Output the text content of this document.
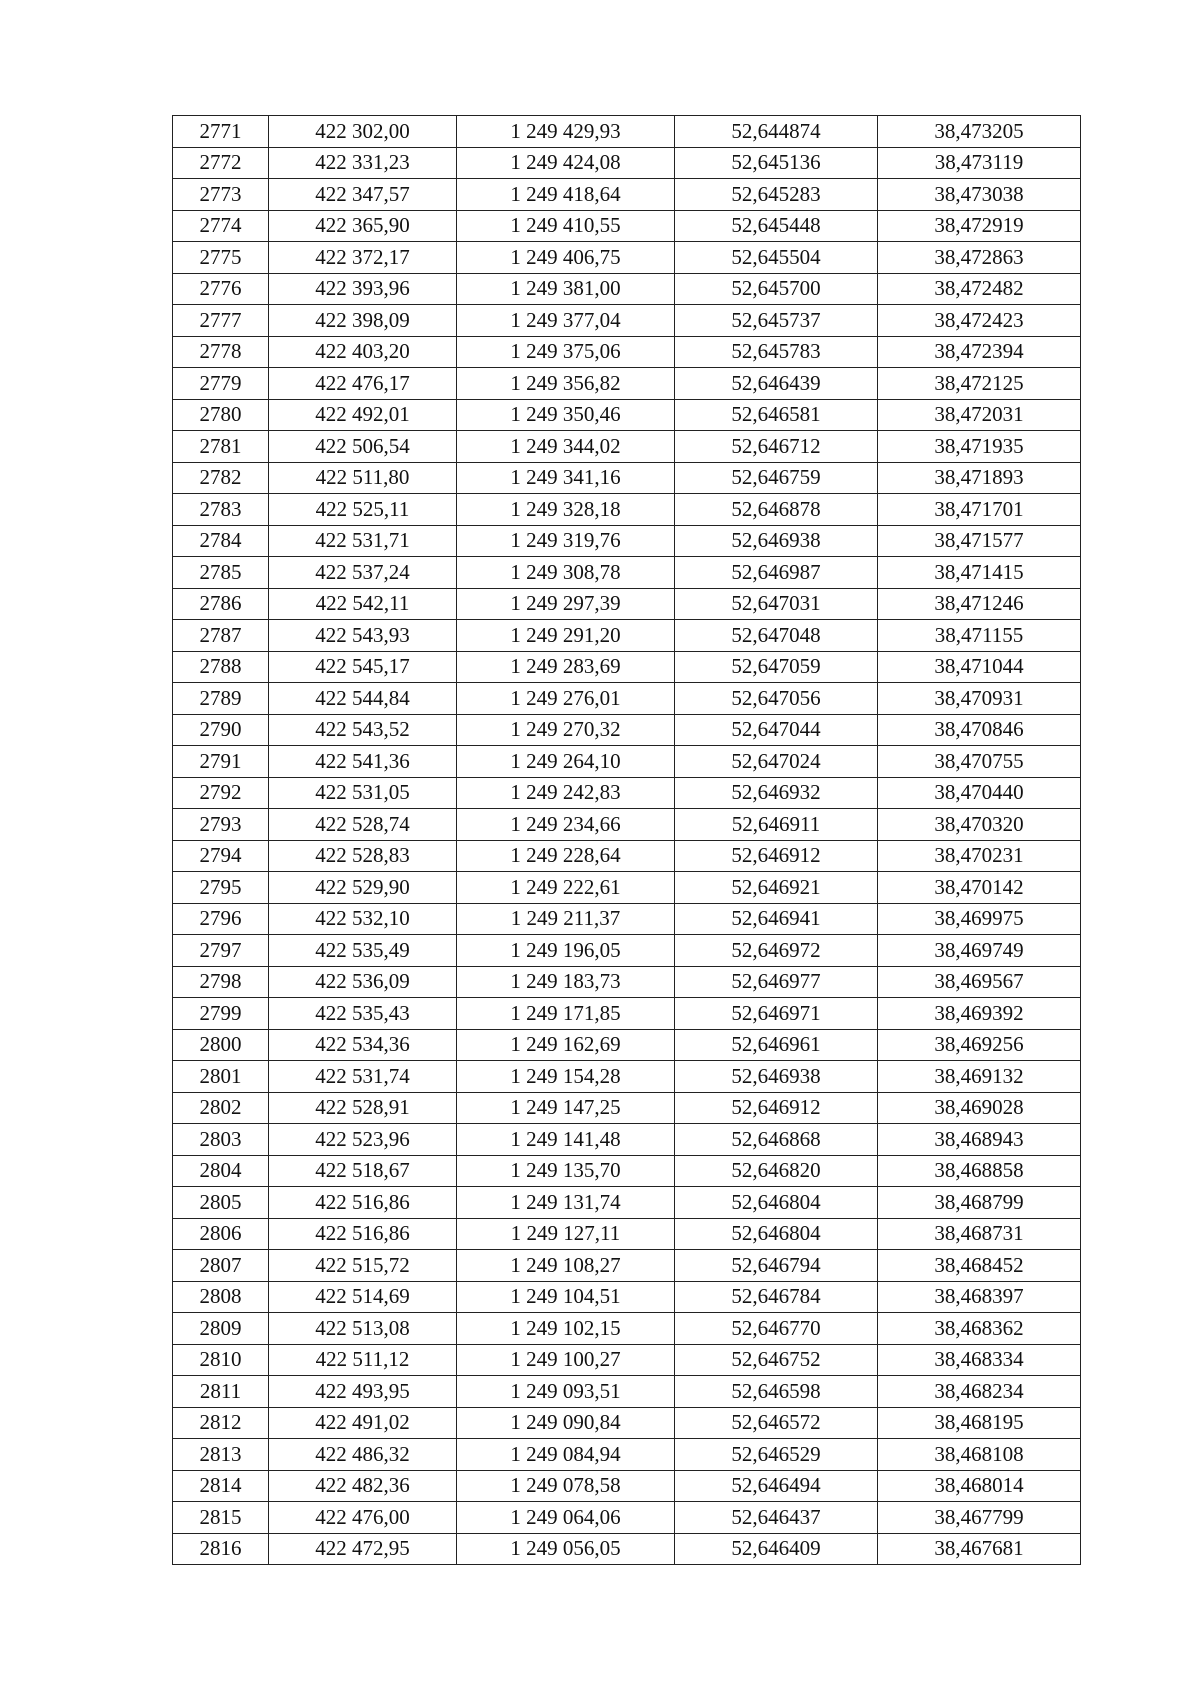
2771	422 302,00	1 249 429,93	52,644874	38,473205
2772	422 331,23	1 249 424,08	52,645136	38,473119
2773	422 347,57	1 249 418,64	52,645283	38,473038
2774	422 365,90	1 249 410,55	52,645448	38,472919
2775	422 372,17	1 249 406,75	52,645504	38,472863
2776	422 393,96	1 249 381,00	52,645700	38,472482
2777	422 398,09	1 249 377,04	52,645737	38,472423
2778	422 403,20	1 249 375,06	52,645783	38,472394
2779	422 476,17	1 249 356,82	52,646439	38,472125
2780	422 492,01	1 249 350,46	52,646581	38,472031
2781	422 506,54	1 249 344,02	52,646712	38,471935
2782	422 511,80	1 249 341,16	52,646759	38,471893
2783	422 525,11	1 249 328,18	52,646878	38,471701
2784	422 531,71	1 249 319,76	52,646938	38,471577
2785	422 537,24	1 249 308,78	52,646987	38,471415
2786	422 542,11	1 249 297,39	52,647031	38,471246
2787	422 543,93	1 249 291,20	52,647048	38,471155
2788	422 545,17	1 249 283,69	52,647059	38,471044
2789	422 544,84	1 249 276,01	52,647056	38,470931
2790	422 543,52	1 249 270,32	52,647044	38,470846
2791	422 541,36	1 249 264,10	52,647024	38,470755
2792	422 531,05	1 249 242,83	52,646932	38,470440
2793	422 528,74	1 249 234,66	52,646911	38,470320
2794	422 528,83	1 249 228,64	52,646912	38,470231
2795	422 529,90	1 249 222,61	52,646921	38,470142
2796	422 532,10	1 249 211,37	52,646941	38,469975
2797	422 535,49	1 249 196,05	52,646972	38,469749
2798	422 536,09	1 249 183,73	52,646977	38,469567
2799	422 535,43	1 249 171,85	52,646971	38,469392
2800	422 534,36	1 249 162,69	52,646961	38,469256
2801	422 531,74	1 249 154,28	52,646938	38,469132
2802	422 528,91	1 249 147,25	52,646912	38,469028
2803	422 523,96	1 249 141,48	52,646868	38,468943
2804	422 518,67	1 249 135,70	52,646820	38,468858
2805	422 516,86	1 249 131,74	52,646804	38,468799
2806	422 516,86	1 249 127,11	52,646804	38,468731
2807	422 515,72	1 249 108,27	52,646794	38,468452
2808	422 514,69	1 249 104,51	52,646784	38,468397
2809	422 513,08	1 249 102,15	52,646770	38,468362
2810	422 511,12	1 249 100,27	52,646752	38,468334
2811	422 493,95	1 249 093,51	52,646598	38,468234
2812	422 491,02	1 249 090,84	52,646572	38,468195
2813	422 486,32	1 249 084,94	52,646529	38,468108
2814	422 482,36	1 249 078,58	52,646494	38,468014
2815	422 476,00	1 249 064,06	52,646437	38,467799
2816	422 472,95	1 249 056,05	52,646409	38,467681
